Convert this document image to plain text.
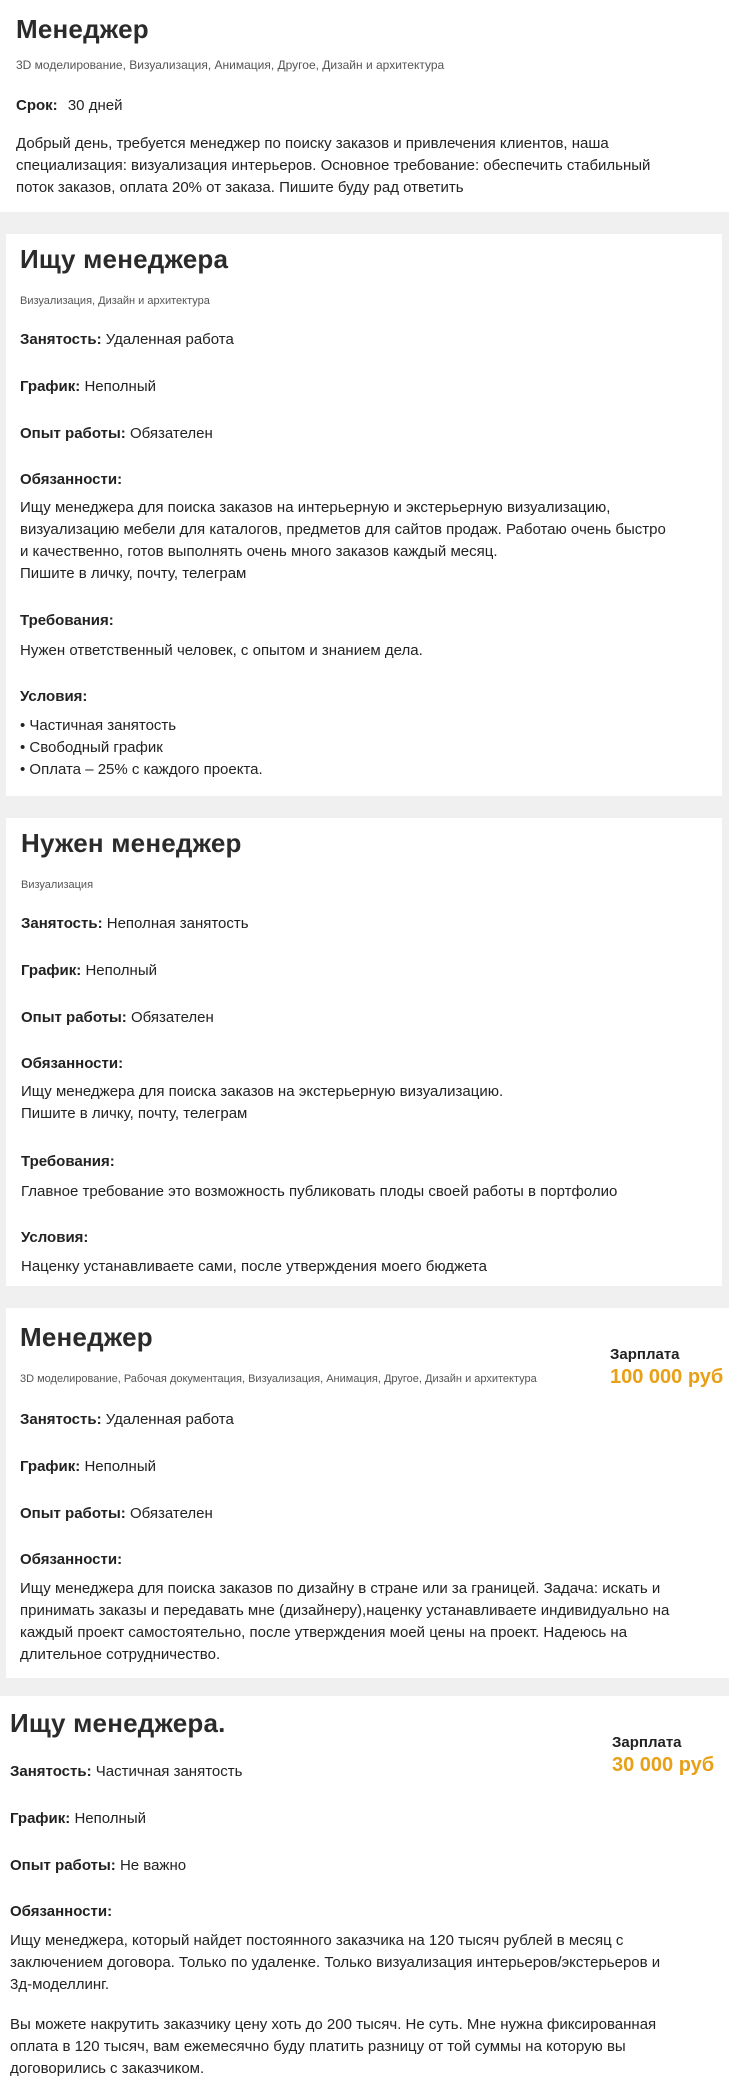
Менеджер
3D моделирование, Визуализация, Анимация, Другое, Дизайн и архитектура
Срок: 30 дней
Добрый день, требуется менеджер по поиску заказов и привлечения клиентов, наша
специализация: визуализация интерьеров. Основное требование: обеспечить стабильный
поток заказов, оплата 20% от заказа. Пишите буду рад ответить
Ищу менеджера
Визуализация, Дизайн и архитектура
Занятость: Удаленная работа
График: Неполный
Опыт работы: Обязателен
Обязанности:
Ищу менеджера для поиска заказов на интерьерную и экстерьерную визуализацию,
визуализацию мебели для каталогов, предметов для сайтов продаж. Работаю очень быстро
и качественно, готов выполнять очень много заказов каждый месяц.
Пишите в личку, почту, телеграм
Требования:
Нужен ответственный человек, с опытом и знанием дела.
Условия:
• Частичная занятость
• Свободный график
• Оплата – 25% с каждого проекта.
Нужен менеджер
Визуализация
Занятость: Неполная занятость
График: Неполный
Опыт работы: Обязателен
Обязанности:
Ищу менеджера для поиска заказов на экстерьерную визуализацию.
Пишите в личку, почту, телеграм
Требования:
Главное требование это возможность публиковать плоды своей работы в портфолио
Условия:
Наценку устанавливаете сами, после утверждения моего бюджета
Менеджер
3D моделирование, Рабочая документация, Визуализация, Анимация, Другое, Дизайн и архитектура
Зарплата
100 000 руб
Занятость: Удаленная работа
График: Неполный
Опыт работы: Обязателен
Обязанности:
Ищу менеджера для поиска заказов по дизайну в стране или за границей. Задача: искать и
принимать заказы и передавать мне (дизайнеру),наценку устанавливаете индивидуально на
каждый проект самостоятельно, после утверждения моей цены на проект. Надеюсь на
длительное сотрудничество.
Ищу менеджера.
Зарплата
30 000 руб
Занятость: Частичная занятость
График: Неполный
Опыт работы: Не важно
Обязанности:
Ищу менеджера, который найдет постоянного заказчика на 120 тысяч рублей в месяц с
заключением договора. Только по удаленке. Только визуализация интерьеров/экстерьеров и
3д-моделлинг.
Вы можете накрутить заказчику цену хоть до 200 тысяч. Не суть. Мне нужна фиксированная
оплата в 120 тысяч, вам ежемесячно буду платить разницу от той суммы на которую вы
договорились с заказчиком.
